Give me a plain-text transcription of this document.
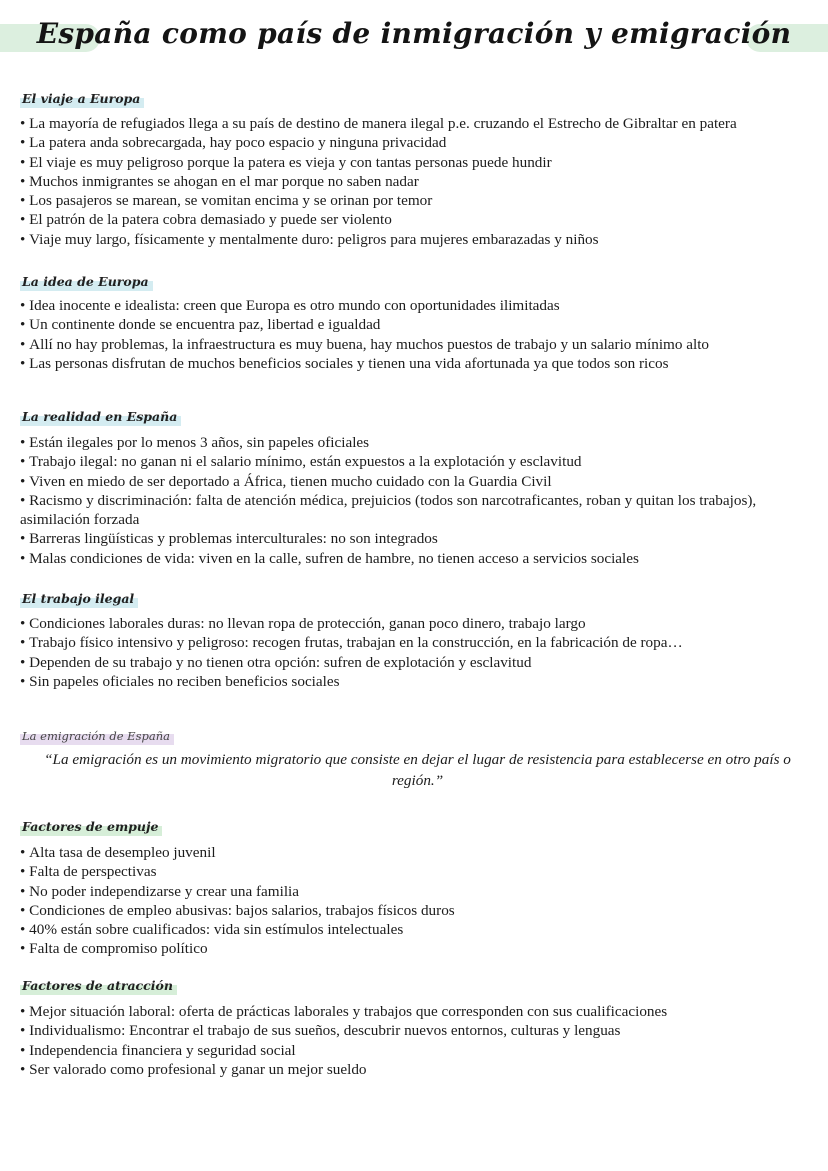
España como país de inmigración y emigración
El viaje a Europa
• La mayoría de refugiados llega a su país de destino de manera ilegal p.e. cruzando el Estrecho de Gibraltar en patera
• La patera anda sobrecargada, hay poco espacio y ninguna privacidad
• El viaje es muy peligroso porque la patera es vieja y con tantas personas puede hundir
• Muchos inmigrantes se ahogan en el mar porque no saben nadar
• Los pasajeros se marean, se vomitan encima y se orinan por temor
• El patrón de la patera cobra demasiado y puede ser violento
• Viaje muy largo, físicamente y mentalmente duro: peligros para mujeres embarazadas y niños
La idea de Europa
• Idea inocente e idealista: creen que Europa es otro mundo con oportunidades ilimitadas
• Un continente donde se encuentra paz, libertad e igualdad
• Allí no hay problemas, la infraestructura es muy buena, hay muchos puestos de trabajo y un salario mínimo alto
• Las personas disfrutan de muchos beneficios sociales y tienen una vida afortunada ya que todos son ricos
La realidad en España
• Están ilegales por lo menos 3 años, sin papeles oficiales
• Trabajo ilegal: no ganan ni el salario mínimo, están expuestos a la explotación y esclavitud
• Viven en miedo de ser deportado a África, tienen mucho cuidado con la Guardia Civil
• Racismo y discriminación: falta de atención médica, prejuicios (todos son narcotraficantes, roban y quitan los trabajos), asimilación forzada
• Barreras lingüísticas y problemas interculturales: no son integrados
• Malas condiciones de vida: viven en la calle, sufren de hambre, no tienen acceso a servicios sociales
El trabajo ilegal
• Condiciones laborales duras: no llevan ropa de protección, ganan poco dinero, trabajo largo
• Trabajo físico intensivo y peligroso: recogen frutas, trabajan en la construcción, en la fabricación de ropa…
• Dependen de su trabajo y no tienen otra opción: sufren de explotación y esclavitud
• Sin papeles oficiales no reciben beneficios sociales
La emigración de España
“La emigración es un movimiento migratorio que consiste en dejar el lugar de resistencia para establecerse en otro país o región.”
Factores de empuje
• Alta tasa de desempleo juvenil
• Falta de perspectivas
• No poder independizarse y crear una familia
• Condiciones de empleo abusivas: bajos salarios, trabajos físicos duros
• 40% están sobre cualificados: vida sin estímulos intelectuales
• Falta de compromiso político
Factores de atracción
• Mejor situación laboral: oferta de prácticas laborales y trabajos que corresponden con sus cualificaciones
• Individualismo: Encontrar el trabajo de sus sueños, descubrir nuevos entornos, culturas y lenguas
• Independencia financiera y seguridad social
• Ser valorado como profesional y ganar un mejor sueldo
